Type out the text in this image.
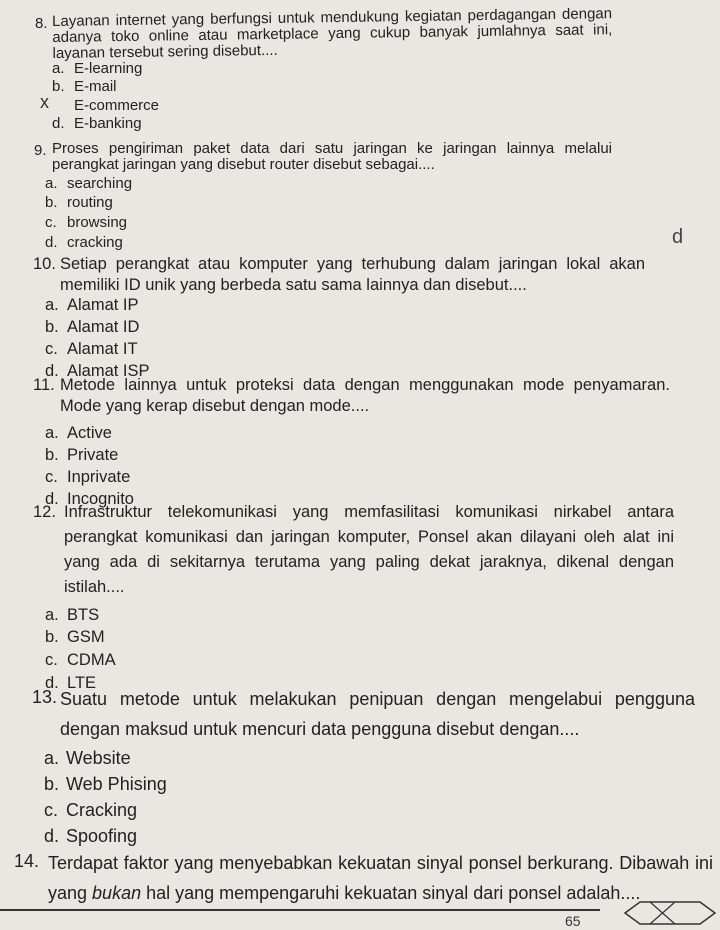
8. Layanan internet yang berfungsi untuk mendukung kegiatan perdagangan dengan adanya toko online atau marketplace yang cukup banyak jumlahnya saat ini, layanan tersebut sering disebut....
a. E-learning
b. E-mail
E-commerce
x
d. E-banking
9. Proses pengiriman paket data dari satu jaringan ke jaringan lainnya melalui perangkat jaringan yang disebut router disebut sebagai....
a. searching
b. routing
c. browsing
d. cracking
10. Setiap perangkat atau komputer yang terhubung dalam jaringan lokal akan memiliki ID unik yang berbeda satu sama lainnya dan disebut....
a. Alamat IP
b. Alamat ID
c. Alamat IT
d. Alamat ISP
d
11. Metode lainnya untuk proteksi data dengan menggunakan mode penyamaran. Mode yang kerap disebut dengan mode....
a. Active
b. Private
c. Inprivate
d. Incognito
12. Infrastruktur telekomunikasi yang memfasilitasi komunikasi nirkabel antara perangkat komunikasi dan jaringan komputer, Ponsel akan dilayani oleh alat ini yang ada di sekitarnya terutama yang paling dekat jaraknya, dikenal dengan istilah....
a. BTS
b. GSM
c. CDMA
d. LTE
13. Suatu metode untuk melakukan penipuan dengan mengelabui pengguna dengan maksud untuk mencuri data pengguna disebut dengan....
a. Website
b. Web Phising
c. Cracking
d. Spoofing
14. Terdapat faktor yang menyebabkan kekuatan sinyal ponsel berkurang. Dibawah ini yang bukan hal yang mempengaruhi kekuatan sinyal dari ponsel adalah....
65
